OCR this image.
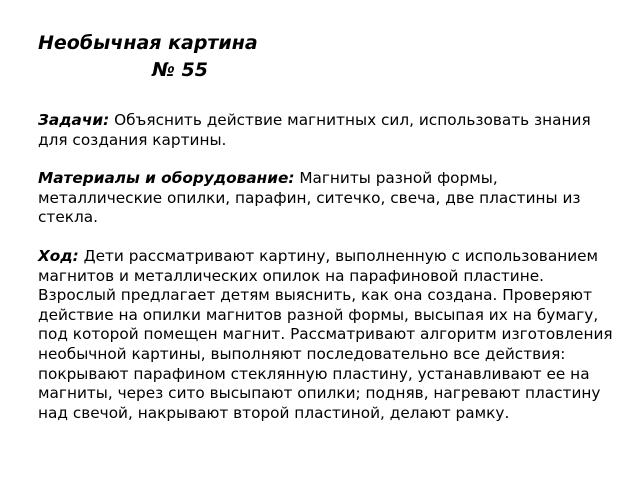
Необычная картина
№ 55

Задачи: Объяснить действие магнитных сил, использовать знания для создания картины.

Материалы и оборудование: Магниты разной формы, металлические опилки, парафин, ситечко, свеча, две пластины из стекла.

Ход: Дети рассматривают картину, выполненную с использованием магнитов и металлических опилок на парафиновой пластине. Взрослый предлагает детям выяснить, как она создана. Проверяют действие на опилки магнитов разной формы, высыпая их на бумагу, под которой помещен магнит. Рассматривают алгоритм изготовления необычной картины, выполняют последовательно все действия: покрывают парафином стеклянную пластину, устанавливают ее на магниты, через сито высыпают опилки; подняв, нагревают пластину над свечой, накрывают второй пластиной, делают рамку.
